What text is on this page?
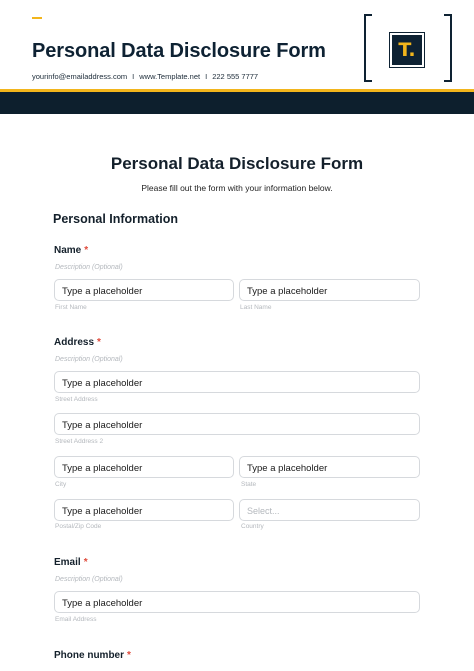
Personal Data Disclosure Form
yourinfo@emailaddress.com I www.Template.net I 222 555 7777
T.
Personal Data Disclosure Form
Please fill out the form with your information below.
Personal Information
Name *
Description (Optional)
Type a placeholder	Type a placeholder
First Name	Last Name
Address *
Description (Optional)
Type a placeholder
Street Address
Type a placeholder
Street Address 2
Type a placeholder	Type a placeholder
City	State
Type a placeholder	Select...
Postal/Zip Code	Country
Email *
Description (Optional)
Type a placeholder
Email Address
Phone number *
